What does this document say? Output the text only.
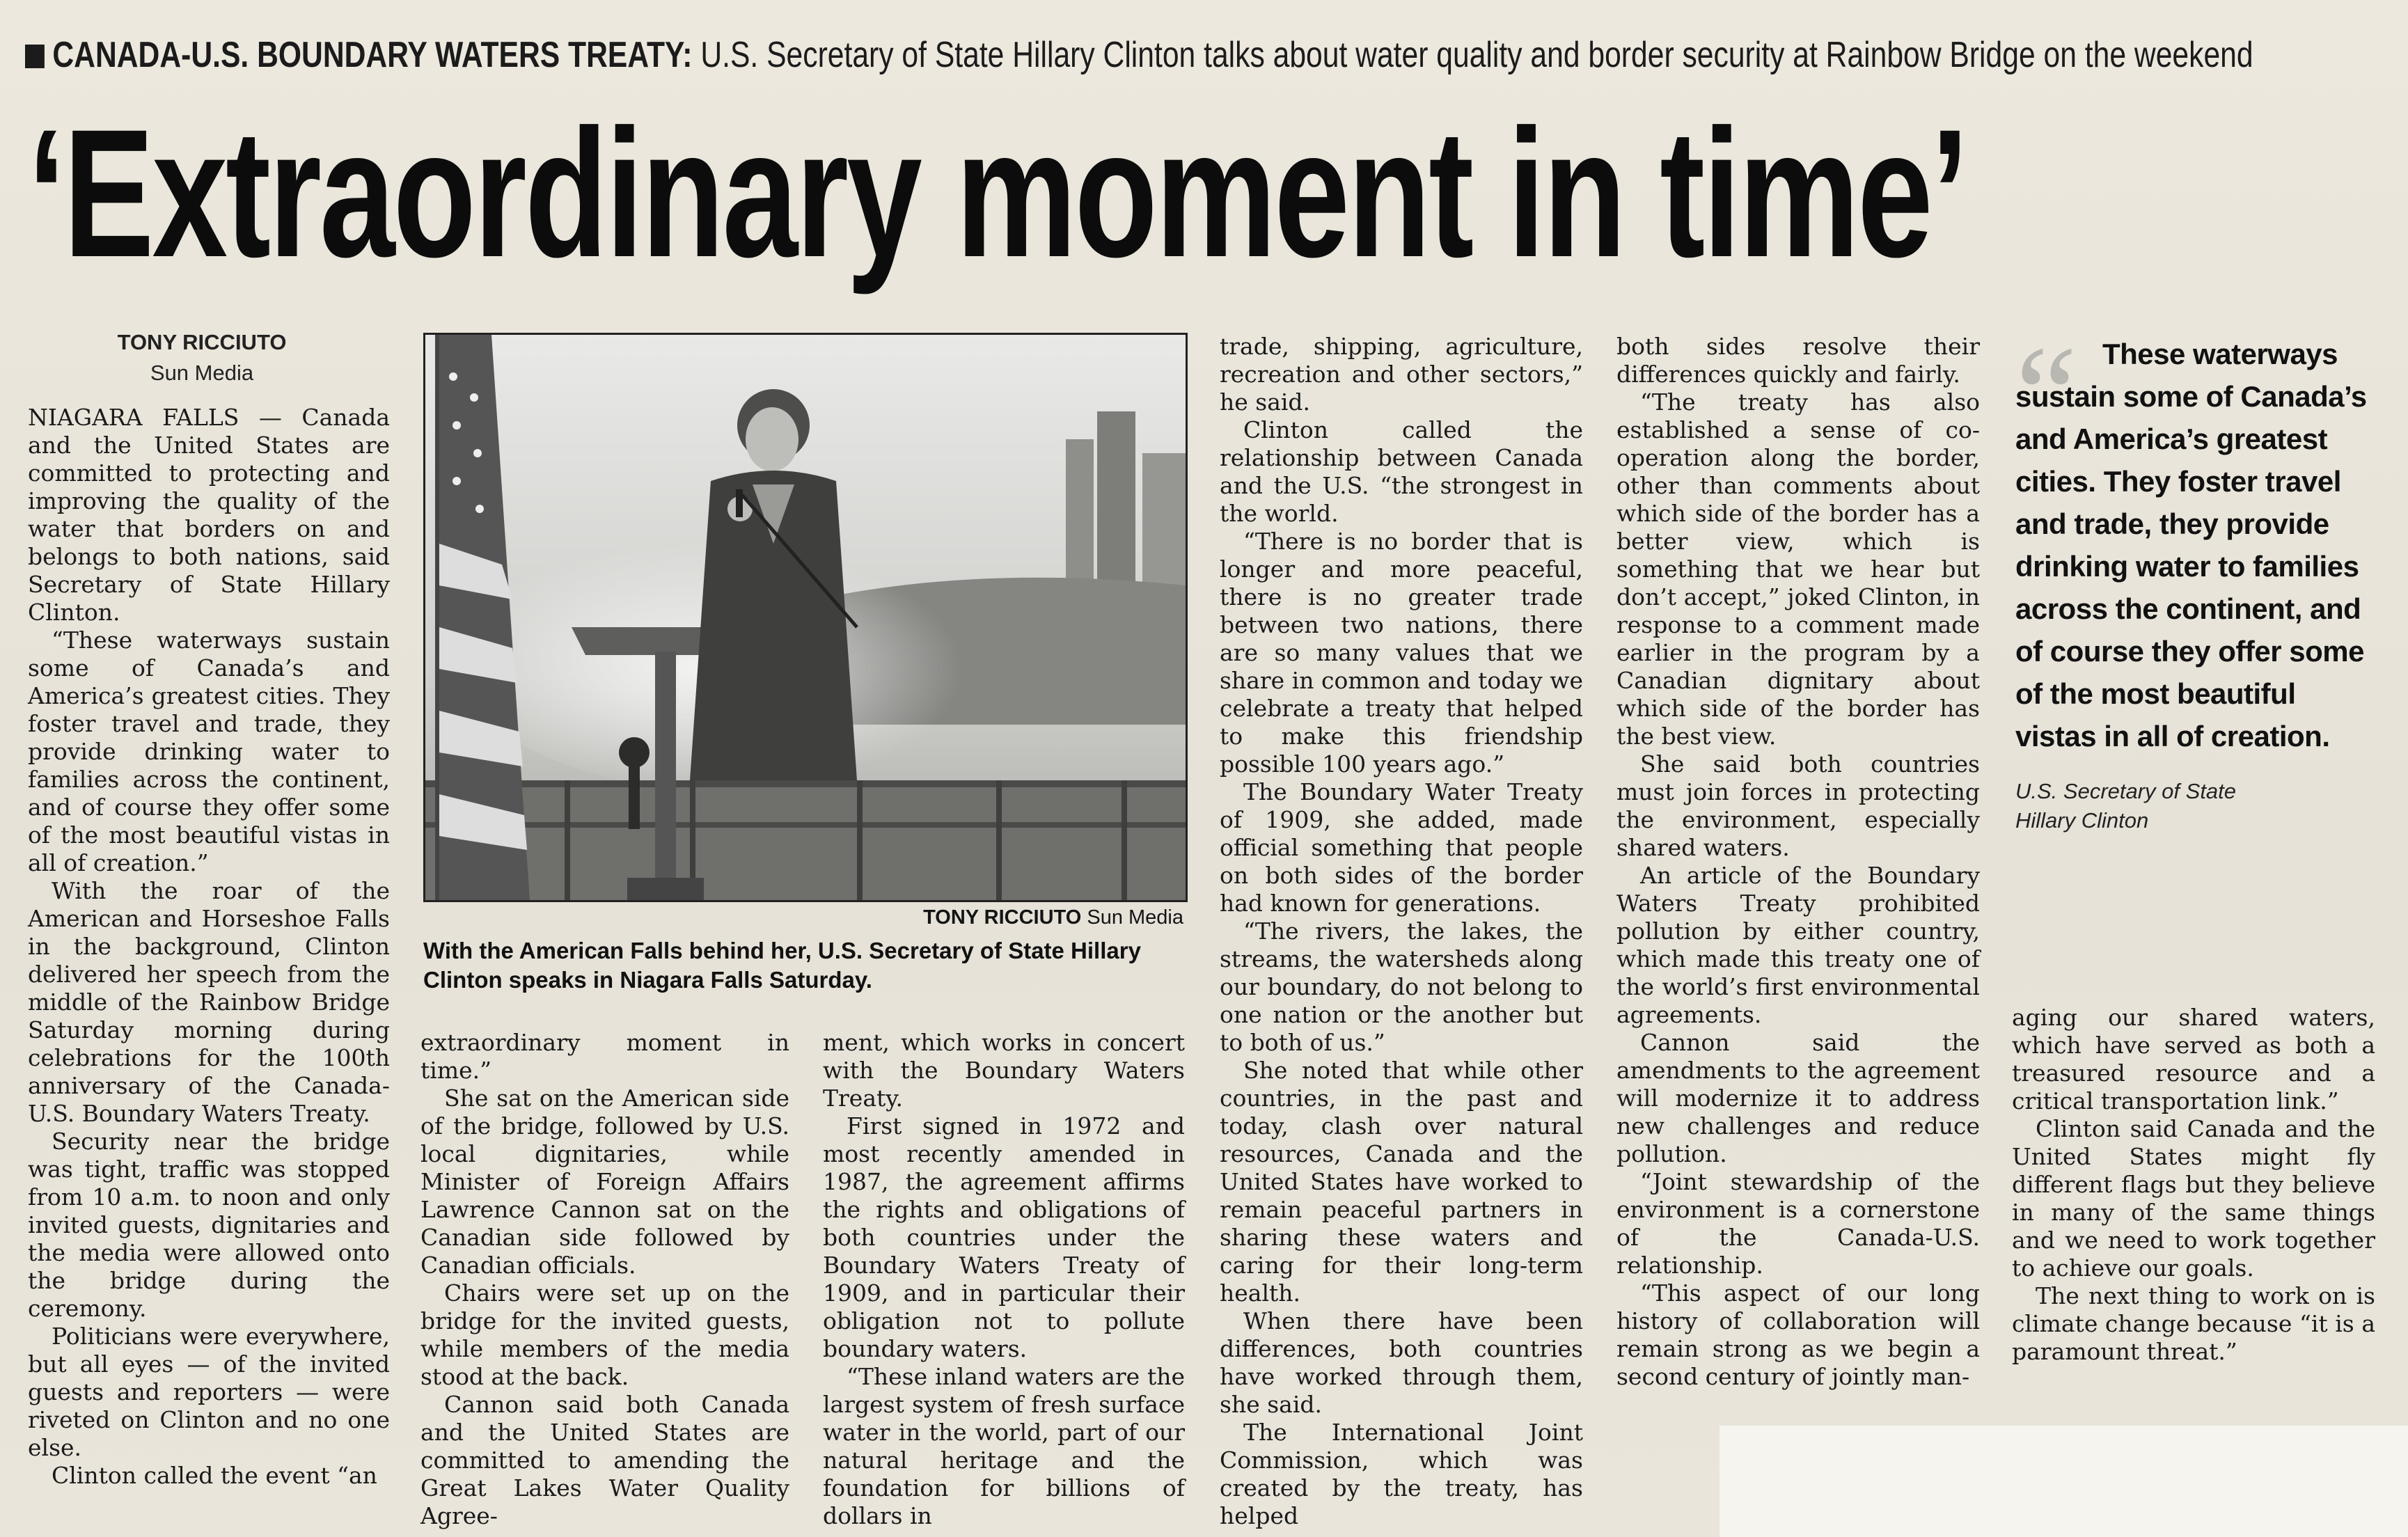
CANADA-U.S. BOUNDARY WATERS TREATY: U.S. Secretary of State Hillary Clinton talks about water quality and border security at Rainbow Bridge on the weekend
‘Extraordinary moment in time’
TONY RICCIUTO
Sun Media

NIAGARA FALLS — Canada and the United States are committed to protecting and improving the quality of the water that borders on and belongs to both nations, said Secretary of State Hillary Clinton.

“These waterways sustain some of Canada’s and America’s greatest cities. They foster travel and trade, they provide drinking water to families across the continent, and of course they offer some of the most beautiful vistas in all of creation.”

With the roar of the American and Horseshoe Falls in the background, Clinton delivered her speech from the middle of the Rainbow Bridge Saturday morning during celebrations for the 100th anniversary of the Canada-U.S. Boundary Waters Treaty.

Security near the bridge was tight, traffic was stopped from 10 a.m. to noon and only invited guests, dignitaries and the media were allowed onto the bridge during the ceremony.

Politicians were everywhere, but all eyes — of the invited guests and reporters — were riveted on Clinton and no one else.

Clinton called the event “an

TONY RICCIUTO Sun Media
With the American Falls behind her, U.S. Secretary of State Hillary Clinton speaks in Niagara Falls Saturday.

extraordinary moment in time.”

She sat on the American side of the bridge, followed by U.S. local dignitaries, while Minister of Foreign Affairs Lawrence Cannon sat on the Canadian side followed by Canadian officials.

Chairs were set up on the bridge for the invited guests, while members of the media stood at the back.

Cannon said both Canada and the United States are committed to amending the Great Lakes Water Quality Agree-

ment, which works in concert with the Boundary Waters Treaty.

First signed in 1972 and most recently amended in 1987, the agreement affirms the rights and obligations of both countries under the Boundary Waters Treaty of 1909, and in particular their obligation not to pollute boundary waters.

“These inland waters are the largest system of fresh surface water in the world, part of our natural heritage and the foundation for billions of dollars in

trade, shipping, agriculture, recreation and other sectors,” he said.

Clinton called the relationship between Canada and the U.S. “the strongest in the world.

“There is no border that is longer and more peaceful, there is no greater trade between two nations, there are so many values that we share in common and today we celebrate a treaty that helped to make this friendship possible 100 years ago.”

The Boundary Water Treaty of 1909, she added, made official something that people on both sides of the border had known for generations.

“The rivers, the lakes, the streams, the watersheds along our boundary, do not belong to one nation or the another but to both of us.”

She noted that while other countries, in the past and today, clash over natural resources, Canada and the United States have worked to remain peaceful partners in sharing these waters and caring for their long-term health.

When there have been differences, both countries have worked through them, she said.

The International Joint Commission, which was created by the treaty, has helped

both sides resolve their differences quickly and fairly.

“The treaty has also established a sense of co-operation along the border, other than comments about which side of the border has a better view, which is something that we hear but don’t accept,” joked Clinton, in response to a comment made earlier in the program by a Canadian dignitary about which side of the border has the best view.

She said both countries must join forces in protecting the environment, especially shared waters.

An article of the Boundary Waters Treaty prohibited pollution by either country, which made this treaty one of the world’s first environmental agreements.

Cannon said the amendments to the agreement will modernize it to address new challenges and reduce pollution.

“Joint stewardship of the environment is a cornerstone of the Canada-U.S. relationship.

“This aspect of our long history of collaboration will remain strong as we begin a second century of jointly man-

“ These waterways sustain some of Canada’s and America’s greatest cities. They foster travel and trade, they provide drinking water to families across the continent, and of course they offer some of the most beautiful vistas in all of creation.
U.S. Secretary of State
Hillary Clinton

aging our shared waters, which have served as both a treasured resource and a critical transportation link.”

Clinton said Canada and the United States might fly different flags but they believe in many of the same things and we need to work together to achieve our goals.

The next thing to work on is climate change because “it is a paramount threat.”
